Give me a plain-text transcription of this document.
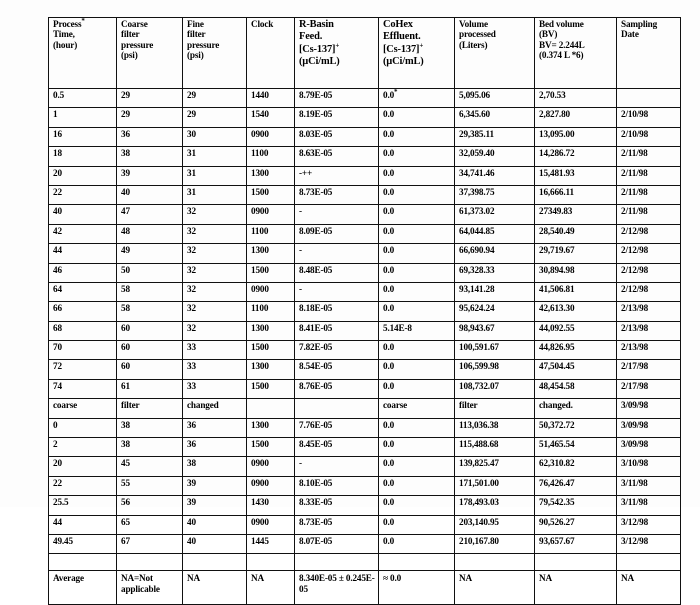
Process*
Time,
(hour)	Coarse
filter
pressure
(psi)	Fine
filter
pressure
(psi)	Clock	R-Basin
Feed.
[Cs-137]+
(µCi/mL)	CoHex
Effluent.
[Cs-137]+
(µCi/mL)	Volume
processed
(Liters)	Bed volume
(BV)
BV= 2.244L
(0.374 L *6)	Sampling
Date

0.5	29	29	1440	8.79E-05	0.0*	5,095.06	2,70.53	
1	29	29	1540	8.19E-05	0.0	6,345.60	2,827.80	2/10/98
16	36	30	0900	8.03E-05	0.0	29,385.11	13,095.00	2/10/98
18	38	31	1100	8.63E-05	0.0	32,059.40	14,286.72	2/11/98
20	39	31	1300	-++	0.0	34,741.46	15,481.93	2/11/98
22	40	31	1500	8.73E-05	0.0	37,398.75	16,666.11	2/11/98
40	47	32	0900	-	0.0	61,373.02	27349.83	2/11/98
42	48	32	1100	8.09E-05	0.0	64,044.85	28,540.49	2/12/98
44	49	32	1300	-	0.0	66,690.94	29,719.67	2/12/98
46	50	32	1500	8.48E-05	0.0	69,328.33	30,894.98	2/12/98
64	58	32	0900	-	0.0	93,141.28	41,506.81	2/12/98
66	58	32	1100	8.18E-05	0.0	95,624.24	42,613.30	2/13/98
68	60	32	1300	8.41E-05	5.14E-8	98,943.67	44,092.55	2/13/98
70	60	33	1500	7.82E-05	0.0	100,591.67	44,826.95	2/13/98
72	60	33	1300	8.54E-05	0.0	106,599.98	47,504.45	2/17/98
74	61	33	1500	8.76E-05	0.0	108,732.07	48,454.58	2/17/98
coarse	filter	changed			coarse	filter	changed.	3/09/98
0	38	36	1300	7.76E-05	0.0	113,036.38	50,372.72	3/09/98
2	38	36	1500	8.45E-05	0.0	115,488.68	51,465.54	3/09/98
20	45	38	0900	-	0.0	139,825.47	62,310.82	3/10/98
22	55	39	0900	8.10E-05	0.0	171,501.00	76,426.47	3/11/98
25.5	56	39	1430	8.33E-05	0.0	178,493.03	79,542.35	3/11/98
44	65	40	0900	8.73E-05	0.0	203,140.95	90,526.27	3/12/98
49.45	67	40	1445	8.07E-05	0.0	210,167.80	93,657.67	3/12/98

Average	NA=Not applicable	NA	NA	8.340E-05 ± 0.245E-05	≈ 0.0	NA	NA	NA
